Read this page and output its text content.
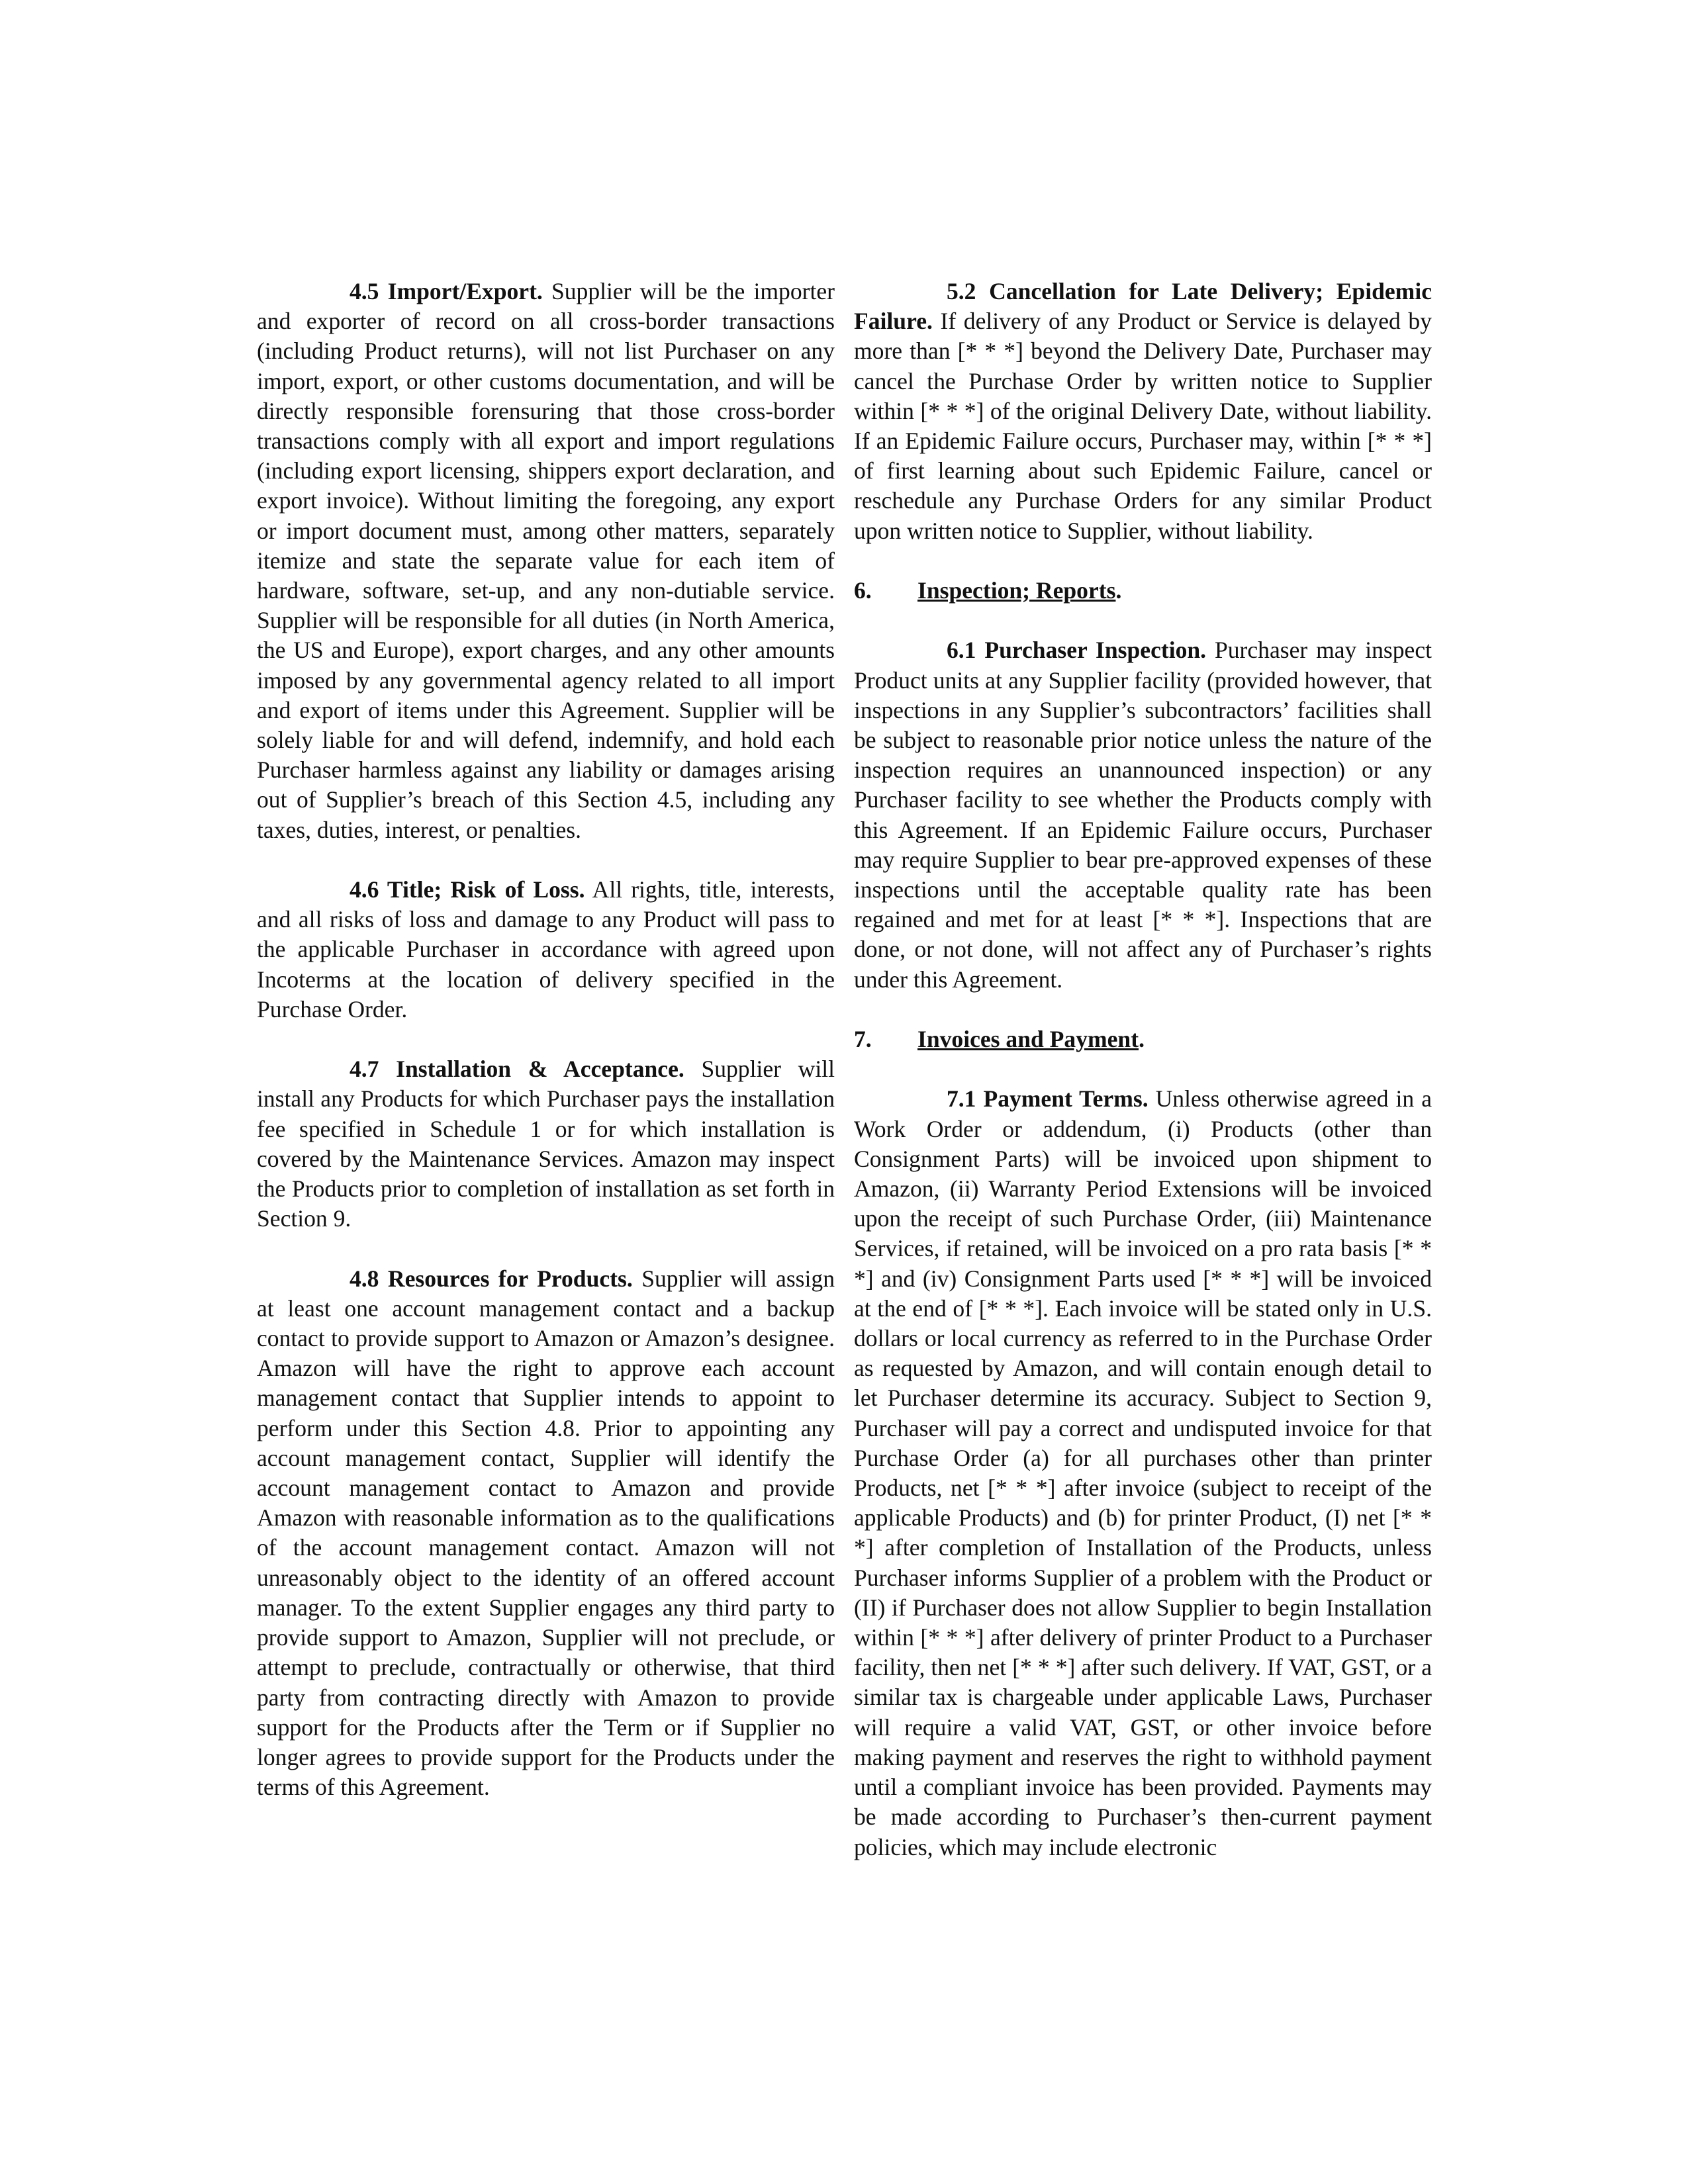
4.5 Import/Export. Supplier will be the importer and exporter of record on all cross-border transactions (including Product returns), will not list Purchaser on any import, export, or other customs documentation, and will be directly responsible forensuring that those cross-border transactions comply with all export and import regulations (including export licensing, shippers export declaration, and export invoice). Without limiting the foregoing, any export or import document must, among other matters, separately itemize and state the separate value for each item of hardware, software, set-up, and any non-dutiable service. Supplier will be responsible for all duties (in North America, the US and Europe), export charges, and any other amounts imposed by any governmental agency related to all import and export of items under this Agreement. Supplier will be solely liable for and will defend, indemnify, and hold each Purchaser harmless against any liability or damages arising out of Supplier’s breach of this Section 4.5, including any taxes, duties, interest, or penalties.

4.6 Title; Risk of Loss. All rights, title, interests, and all risks of loss and damage to any Product will pass to the applicable Purchaser in accordance with agreed upon Incoterms at the location of delivery specified in the Purchase Order.

4.7 Installation & Acceptance. Supplier will install any Products for which Purchaser pays the installation fee specified in Schedule 1 or for which installation is covered by the Maintenance Services. Amazon may inspect the Products prior to completion of installation as set forth in Section 9.

4.8 Resources for Products. Supplier will assign at least one account management contact and a backup contact to provide support to Amazon or Amazon’s designee. Amazon will have the right to approve each account management contact that Supplier intends to appoint to perform under this Section 4.8. Prior to appointing any account management contact, Supplier will identify the account management contact to Amazon and provide Amazon with reasonable information as to the qualifications of the account management contact. Amazon will not unreasonably object to the identity of an offered account manager. To the extent Supplier engages any third party to provide support to Amazon, Supplier will not preclude, or attempt to preclude, contractually or otherwise, that third party from contracting directly with Amazon to provide support for the Products after the Term or if Supplier no longer agrees to provide support for the Products under the terms of this Agreement.

5.2 Cancellation for Late Delivery; Epidemic Failure. If delivery of any Product or Service is delayed by more than [* * *] beyond the Delivery Date, Purchaser may cancel the Purchase Order by written notice to Supplier within [* * *] of the original Delivery Date, without liability. If an Epidemic Failure occurs, Purchaser may, within [* * *] of first learning about such Epidemic Failure, cancel or reschedule any Purchase Orders for any similar Product upon written notice to Supplier, without liability.

6. Inspection; Reports.

6.1 Purchaser Inspection. Purchaser may inspect Product units at any Supplier facility (provided however, that inspections in any Supplier’s subcontractors’ facilities shall be subject to reasonable prior notice unless the nature of the inspection requires an unannounced inspection) or any Purchaser facility to see whether the Products comply with this Agreement. If an Epidemic Failure occurs, Purchaser may require Supplier to bear pre-approved expenses of these inspections until the acceptable quality rate has been regained and met for at least [* * *]. Inspections that are done, or not done, will not affect any of Purchaser’s rights under this Agreement.

7. Invoices and Payment.

7.1 Payment Terms. Unless otherwise agreed in a Work Order or addendum, (i) Products (other than Consignment Parts) will be invoiced upon shipment to Amazon, (ii) Warranty Period Extensions will be invoiced upon the receipt of such Purchase Order, (iii) Maintenance Services, if retained, will be invoiced on a pro rata basis [* * *] and (iv) Consignment Parts used [* * *] will be invoiced at the end of [* * *]. Each invoice will be stated only in U.S. dollars or local currency as referred to in the Purchase Order as requested by Amazon, and will contain enough detail to let Purchaser determine its accuracy. Subject to Section 9, Purchaser will pay a correct and undisputed invoice for that Purchase Order (a) for all purchases other than printer Products, net [* * *] after invoice (subject to receipt of the applicable Products) and (b) for printer Product, (I) net [* * *] after completion of Installation of the Products, unless Purchaser informs Supplier of a problem with the Product or (II) if Purchaser does not allow Supplier to begin Installation within [* * *] after delivery of printer Product to a Purchaser facility, then net [* * *] after such delivery. If VAT, GST, or a similar tax is chargeable under applicable Laws, Purchaser will require a valid VAT, GST, or other invoice before making payment and reserves the right to withhold payment until a compliant invoice has been provided. Payments may be made according to Purchaser’s then-current payment policies, which may include electronic
